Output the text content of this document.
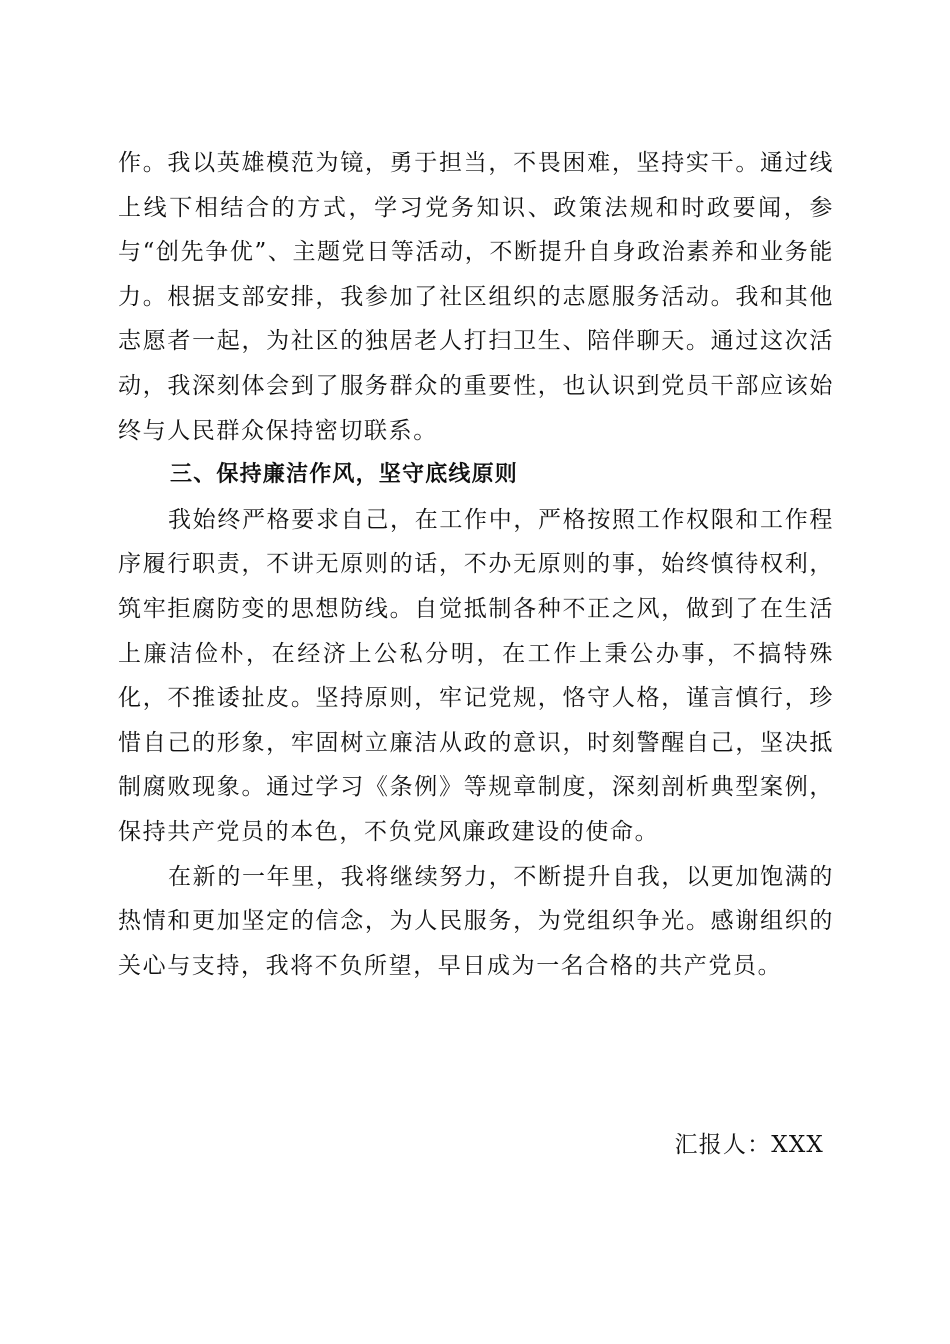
作。我以英雄模范为镜，勇于担当，不畏困难，坚持实干。通过线上线下相结合的方式，学习党务知识、政策法规和时政要闻，参与“创先争优”、主题党日等活动，不断提升自身政治素养和业务能力。根据支部安排，我参加了社区组织的志愿服务活动。我和其他志愿者一起，为社区的独居老人打扫卫生、陪伴聊天。通过这次活动，我深刻体会到了服务群众的重要性，也认识到党员干部应该始终与人民群众保持密切联系。

三、保持廉洁作风，坚守底线原则

我始终严格要求自己，在工作中，严格按照工作权限和工作程序履行职责，不讲无原则的话，不办无原则的事，始终慎待权利，筑牢拒腐防变的思想防线。自觉抵制各种不正之风，做到了在生活上廉洁俭朴，在经济上公私分明，在工作上秉公办事，不搞特殊化，不推诿扯皮。坚持原则，牢记党规，恪守人格，谨言慎行，珍惜自己的形象，牢固树立廉洁从政的意识，时刻警醒自己，坚决抵制腐败现象。通过学习《条例》等规章制度，深刻剖析典型案例，保持共产党员的本色，不负党风廉政建设的使命。

在新的一年里，我将继续努力，不断提升自我，以更加饱满的热情和更加坚定的信念，为人民服务，为党组织争光。感谢组织的关心与支持，我将不负所望，早日成为一名合格的共产党员。

汇报人：XXX
